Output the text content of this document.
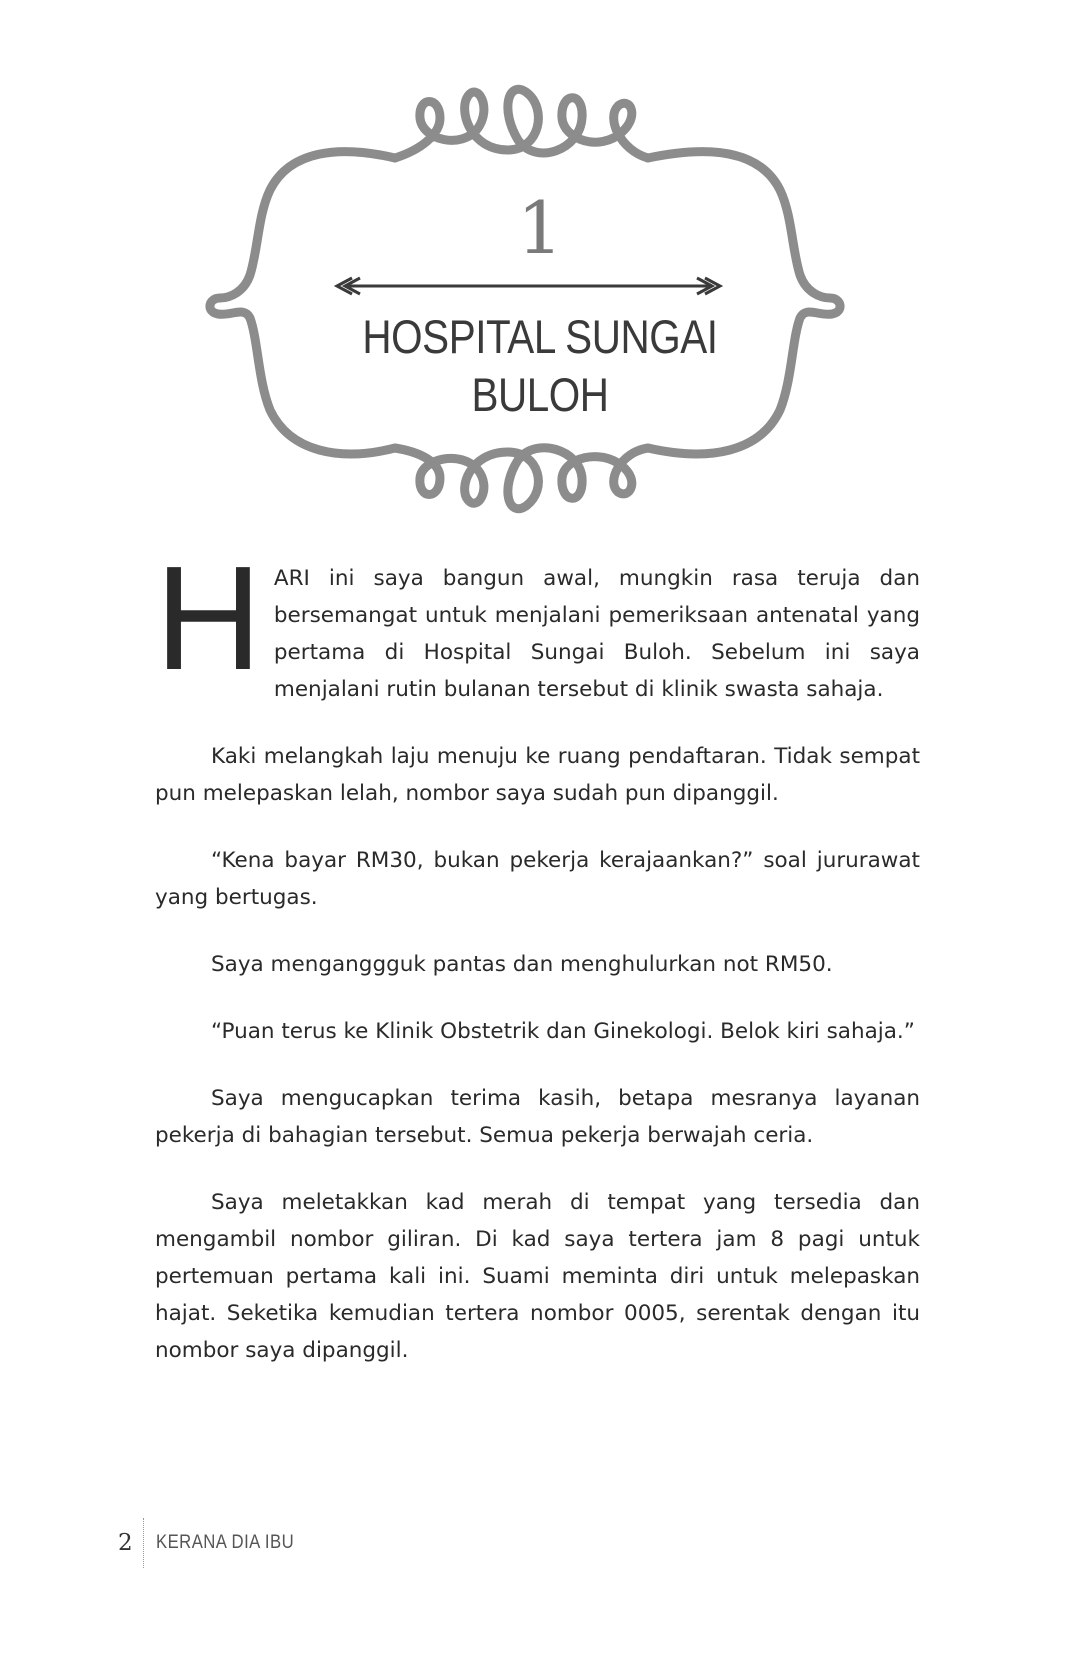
1
HOSPITAL SUNGAI
BULOH

HARI ini saya bangun awal, mungkin rasa teruja dan bersemangat untuk menjalani pemeriksaan antenatal yang pertama di Hospital Sungai Buloh. Sebelum ini saya menjalani rutin bulanan tersebut di klinik swasta sahaja.

Kaki melangkah laju menuju ke ruang pendaftaran. Tidak sempat pun melepaskan lelah, nombor saya sudah pun dipanggil.

“Kena bayar RM30, bukan pekerja kerajaankan?” soal jururawat yang bertugas.

Saya menganggguk pantas dan menghulurkan not RM50.

“Puan terus ke Klinik Obstetrik dan Ginekologi. Belok kiri sahaja.”

Saya mengucapkan terima kasih, betapa mesranya layanan pekerja di bahagian tersebut. Semua pekerja berwajah ceria.

Saya meletakkan kad merah di tempat yang tersedia dan mengambil nombor giliran. Di kad saya tertera jam 8 pagi untuk pertemuan pertama kali ini. Suami meminta diri untuk melepaskan hajat. Seketika kemudian tertera nombor 0005, serentak dengan itu nombor saya dipanggil.

2	KERANA DIA IBU
